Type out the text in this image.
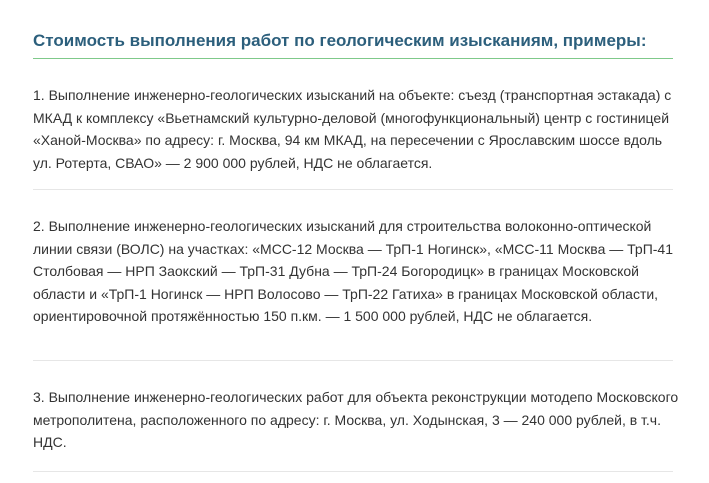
Стоимость выполнения работ по геологическим изысканиям, примеры:

1. Выполнение инженерно-геологических изысканий на объекте: съезд (транспортная эстакада) с МКАД к комплексу «Вьетнамский культурно-деловой (многофункциональный) центр с гостиницей «Ханой-Москва» по адресу: г. Москва, 94 км МКАД, на пересечении с Ярославским шоссе вдоль ул. Ротерта, СВАО» — 2 900 000 рублей, НДС не облагается.

2. Выполнение инженерно-геологических изысканий для строительства волоконно-оптической линии связи (ВОЛС) на участках: «МСС-12 Москва — ТрП-1 Ногинск», «МСС-11 Москва — ТрП-41 Столбовая — НРП Заокский — ТрП-31 Дубна — ТрП-24 Богородицк» в границах Московской области и «ТрП-1 Ногинск — НРП Волосово — ТрП-22 Гатиха» в границах Московской области, ориентировочной протяжённостью 150 п.км. — 1 500 000 рублей, НДС не облагается.

3. Выполнение инженерно-геологических работ для объекта реконструкции мотодепо Московского метрополитена, расположенного по адресу: г. Москва, ул. Ходынская, 3 — 240 000 рублей, в т.ч. НДС.
